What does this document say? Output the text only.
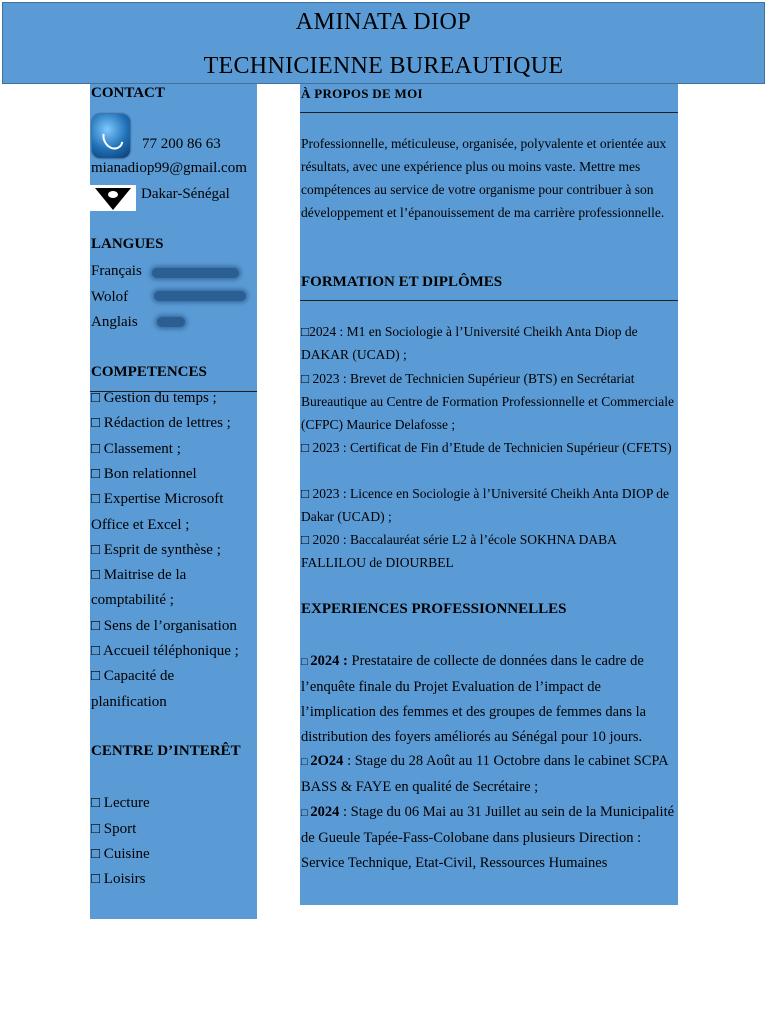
AMINATA DIOP
TECHNICIENNE BUREAUTIQUE
CONTACT
77 200 86 63
mianadiop99@gmail.com
Dakar-Sénégal
LANGUES
Français
Wolof
Anglais
COMPETENCES
□ Gestion du temps ;
□ Rédaction de lettres ;
□ Classement ;
□ Bon relationnel
□ Expertise Microsoft
Office et Excel ;
□ Esprit de synthèse ;
□ Maitrise de la
comptabilité ;
□ Sens de l’organisation
□ Accueil téléphonique ;
□ Capacité de
planification
CENTRE D’INTERÊT
□ Lecture
□ Sport
□ Cuisine
□ Loisirs
À PROPOS DE MOI
Professionnelle, méticuleuse, organisée, polyvalente et orientée aux résultats, avec une expérience plus ou moins vaste. Mettre mes compétences au service de votre organisme pour contribuer à son développement et l’épanouissement de ma carrière professionnelle.
FORMATION ET DIPLÔMES
□2024 : M1 en Sociologie à l’Université Cheikh Anta Diop de DAKAR (UCAD) ;
□ 2023 : Brevet de Technicien Supérieur (BTS) en Secrétariat Bureautique au Centre de Formation Professionnelle et Commerciale (CFPC) Maurice Delafosse ;
□ 2023 : Certificat de Fin d’Etude de Technicien Supérieur (CFETS)
□ 2023 : Licence en Sociologie à l’Université Cheikh Anta DIOP de Dakar (UCAD) ;
□ 2020 : Baccalauréat série L2 à l’école SOKHNA DABA FALLILOU de DIOURBEL
EXPERIENCES PROFESSIONNELLES
□ 2024 : Prestataire de collecte de données dans le cadre de l’enquête finale du Projet Evaluation de l’impact de l’implication des femmes et des groupes de femmes dans la distribution des foyers améliorés au Sénégal pour 10 jours.
□ 2O24 : Stage du 28 Août au 11 Octobre dans le cabinet SCPA BASS & FAYE en qualité de Secrétaire ;
□ 2024 : Stage du 06 Mai au 31 Juillet au sein de la Municipalité de Gueule Tapée-Fass-Colobane dans plusieurs Direction : Service Technique, Etat-Civil, Ressources Humaines
